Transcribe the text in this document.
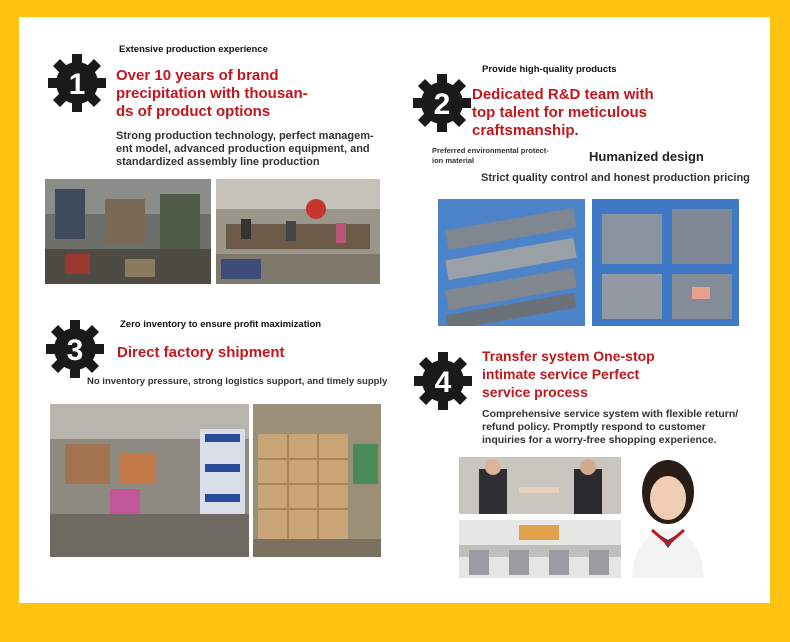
Extensive production experience
1 Over 10 years of brand
precipitation with thousan-
ds of product options
Strong production technology, perfect managem-
ent model, advanced production equipment, and
standardized assembly line production
Provide high-quality products
2 Dedicated R&D team with
top talent for meticulous
craftsmanship.
Preferred environmental protect-
ion material	Humanized design
Strict quality control and honest production pricing
Zero inventory to ensure profit maximization
3 Direct factory shipment
No inventory pressure, strong logistics support, and timely supply 4
Transfer system One-stop
intimate service Perfect
service process
Comprehensive service system with flexible return/
refund policy. Promptly respond to customer
inquiries for a worry-free shopping experience.
